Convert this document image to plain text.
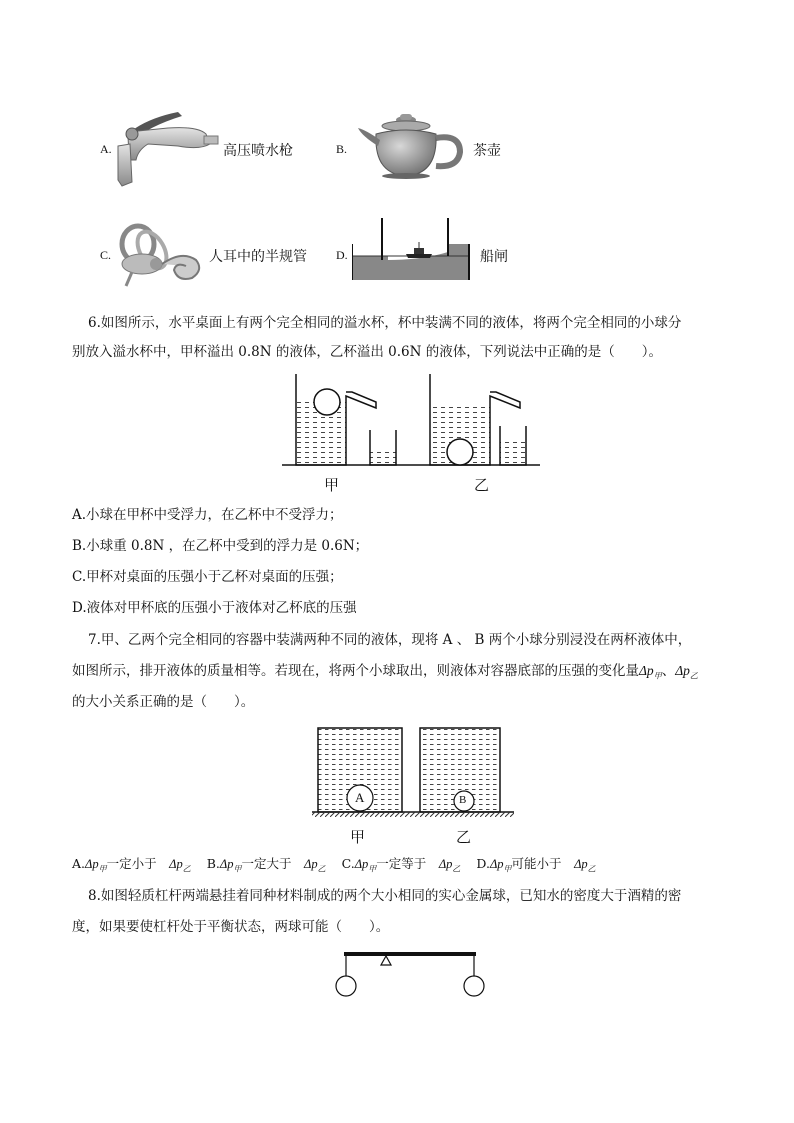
A.	高压喷水枪	B.	茶壶
C.	人耳中的半规管 D.	船闸
6.如图所示，水平桌面上有两个完全相同的溢水杯，杯中装满不同的液体，将两个完全相同的小球分
别放入溢水杯中，甲杯溢出 0.8N 的液体，乙杯溢出 0.6N 的液体，下列说法中正确的是（　　）。
甲	乙
A.小球在甲杯中受浮力，在乙杯中不受浮力；
B.小球重 0.8N ，在乙杯中受到的浮力是 0.6N；
C.甲杯对桌面的压强小于乙杯对桌面的压强；
D.液体对甲杯底的压强小于液体对乙杯底的压强
7.甲、乙两个完全相同的容器中装满两种不同的液体，现将 A 、 B 两个小球分别浸没在两杯液体中，
如图所示，排开液体的质量相等。若现在，将两个小球取出，则液体对容器底部的压强的变化量$\Delta p_甲$、$\Delta p_乙$
的大小关系正确的是（　　）。
A	B
甲	乙
$A.\Delta p_甲$一定小于　 $\Delta p_乙$ $B.\Delta p_甲$一定大于　 $\Delta p_乙$ $C.\Delta p_甲$一定等于　 $\Delta p_乙$ $D.\Delta p_甲$可能小于　 $\Delta p_乙$
8.如图轻质杠杆两端悬挂着同种材料制成的两个大小相同的实心金属球，已知水的密度大于酒精的密
度，如果要使杠杆处于平衡状态，两球可能（　　）。
